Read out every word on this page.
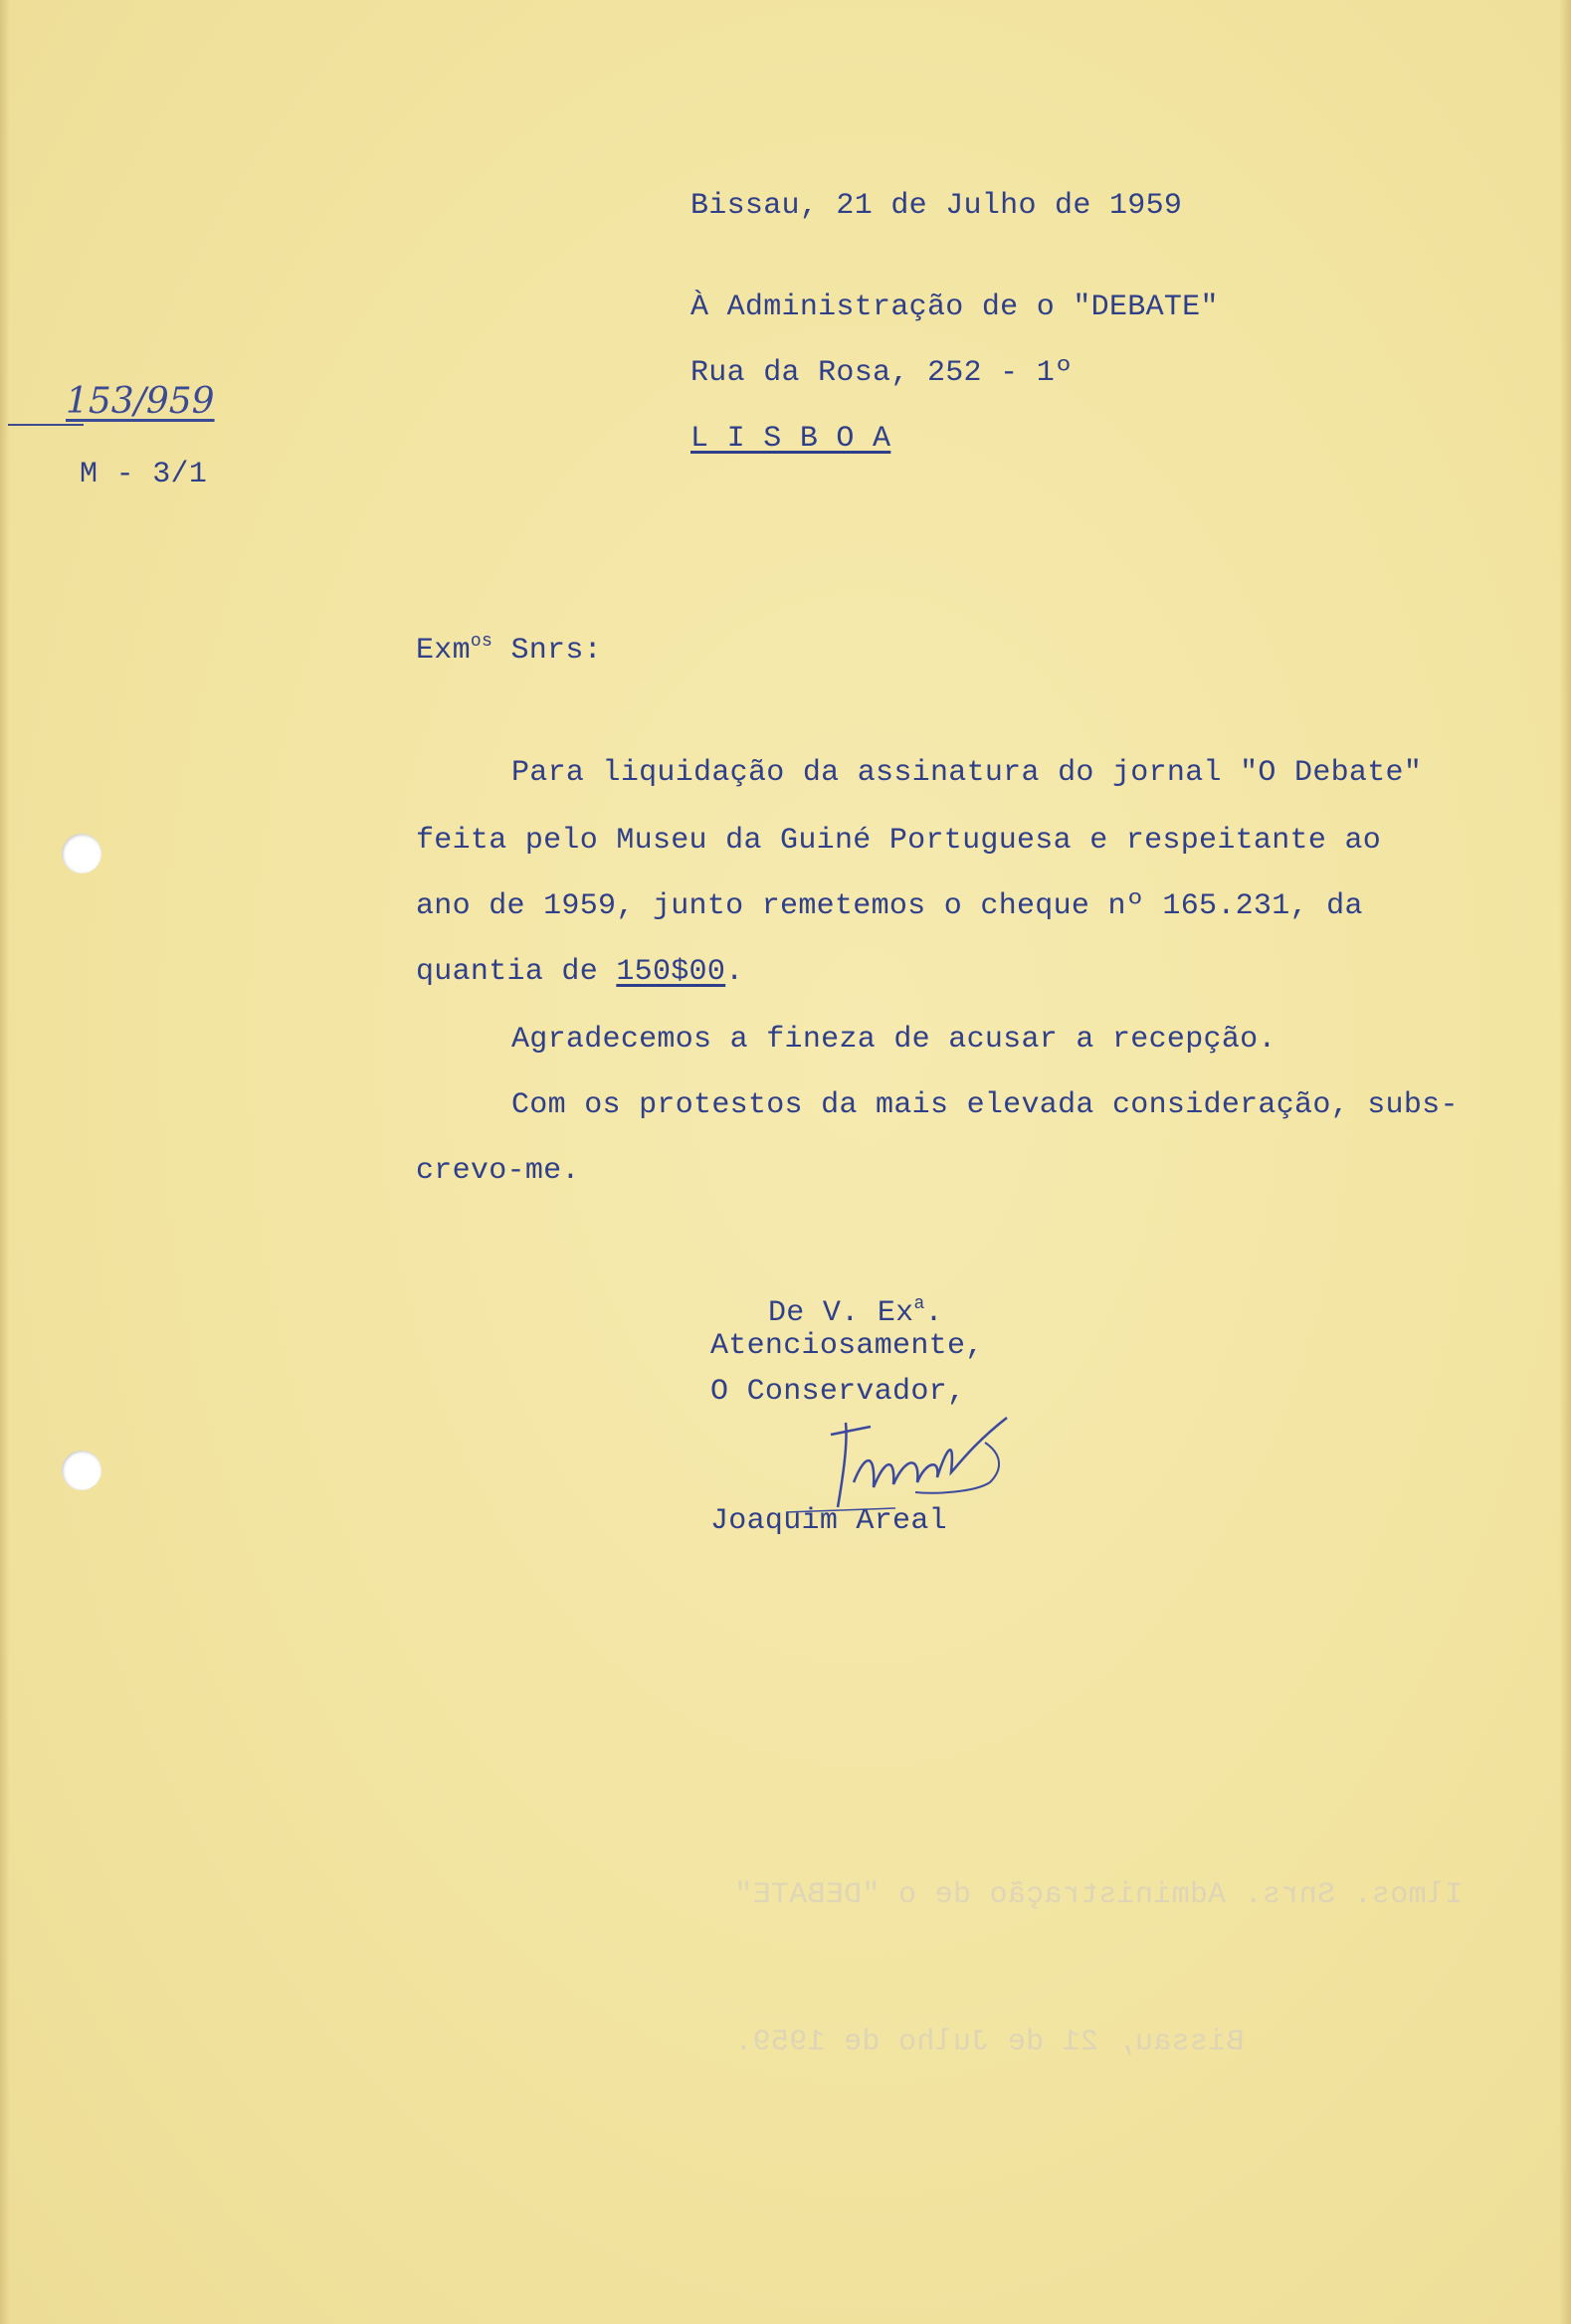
Bissau, 21 de Julho de 1959
À Administração de o "DEBATE"
Rua da Rosa, 252 - 1º
L I S B O A
153/959
M - 3/1
Exm$^{os}$ Snrs:
Para liquidação da assinatura do jornal "O Debate"
feita pelo Museu da Guiné Portuguesa e respeitante ao
ano de 1959, junto remetemos o cheque nº 165.231, da
quantia de 150$00.
Agradecemos a fineza de acusar a recepção.
Com os protestos da mais elevada consideração, subs-
crevo-me.
De V. Ex$^a$.
Atenciosamente,
O Conservador,
Joaquim Areal
Ilmos. Snrs. Administração de o "DEBATE"
Bissau, 21 de Julho de 1959.
